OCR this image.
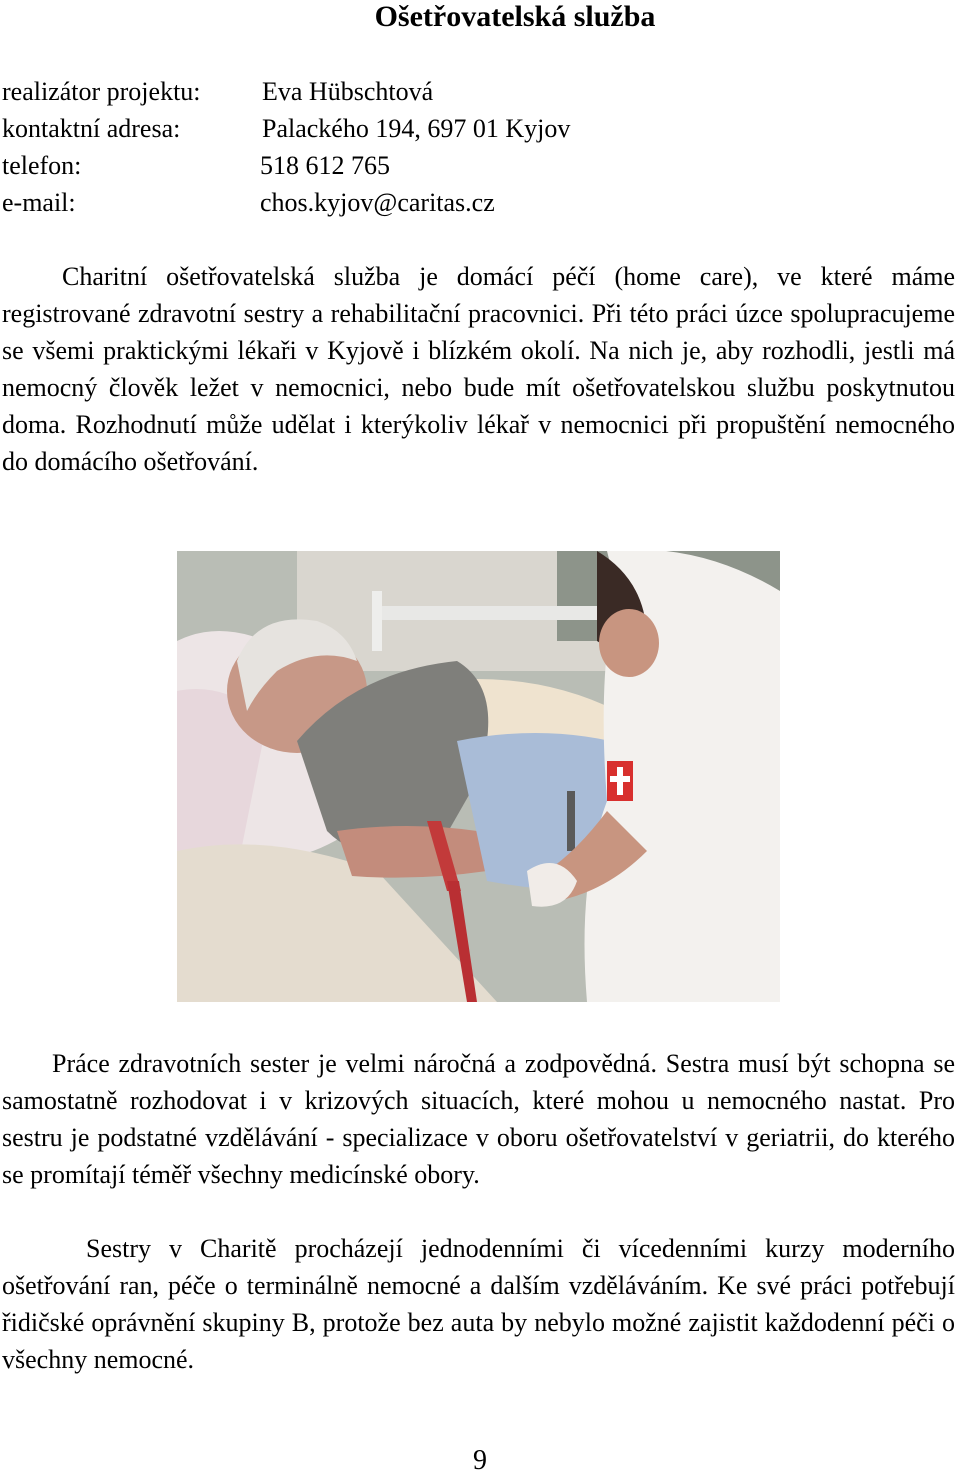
Ošetřovatelská služba
realizátor projektu: Eva Hübschtová
kontaktní adresa:	Palackého 194, 697 01 Kyjov
telefon:	518 612 765
e-mail:	chos.kyjov@caritas.cz

Charitní ošetřovatelská služba je domácí péčí (home care), ve které máme registrované zdravotní sestry a rehabilitační pracovnici. Při této práci úzce spolupracujeme se všemi praktickými lékaři v Kyjově i blízkém okolí. Na nich je, aby rozhodli, jestli má nemocný člověk ležet v nemocnici, nebo bude mít ošetřovatelskou službu poskytnutou doma. Rozhodnutí může udělat i kterýkoliv lékař v nemocnici při propuštění nemocného do domácího ošetřování.

Práce zdravotních sester je velmi náročná a zodpovědná. Sestra musí být schopna se samostatně rozhodovat i v krizových situacích, které mohou u nemocného nastat. Pro sestru je podstatné vzdělávání - specializace v oboru ošetřovatelství v geriatrii, do kterého se promítají téměř všechny medicínské obory.

Sestry v Charitě procházejí jednodenními či vícedenními kurzy moderního ošetřování ran, péče o terminálně nemocné a dalším vzděláváním. Ke své práci potřebují řidičské oprávnění skupiny B, protože bez auta by nebylo možné zajistit každodenní péči o všechny nemocné.

9
